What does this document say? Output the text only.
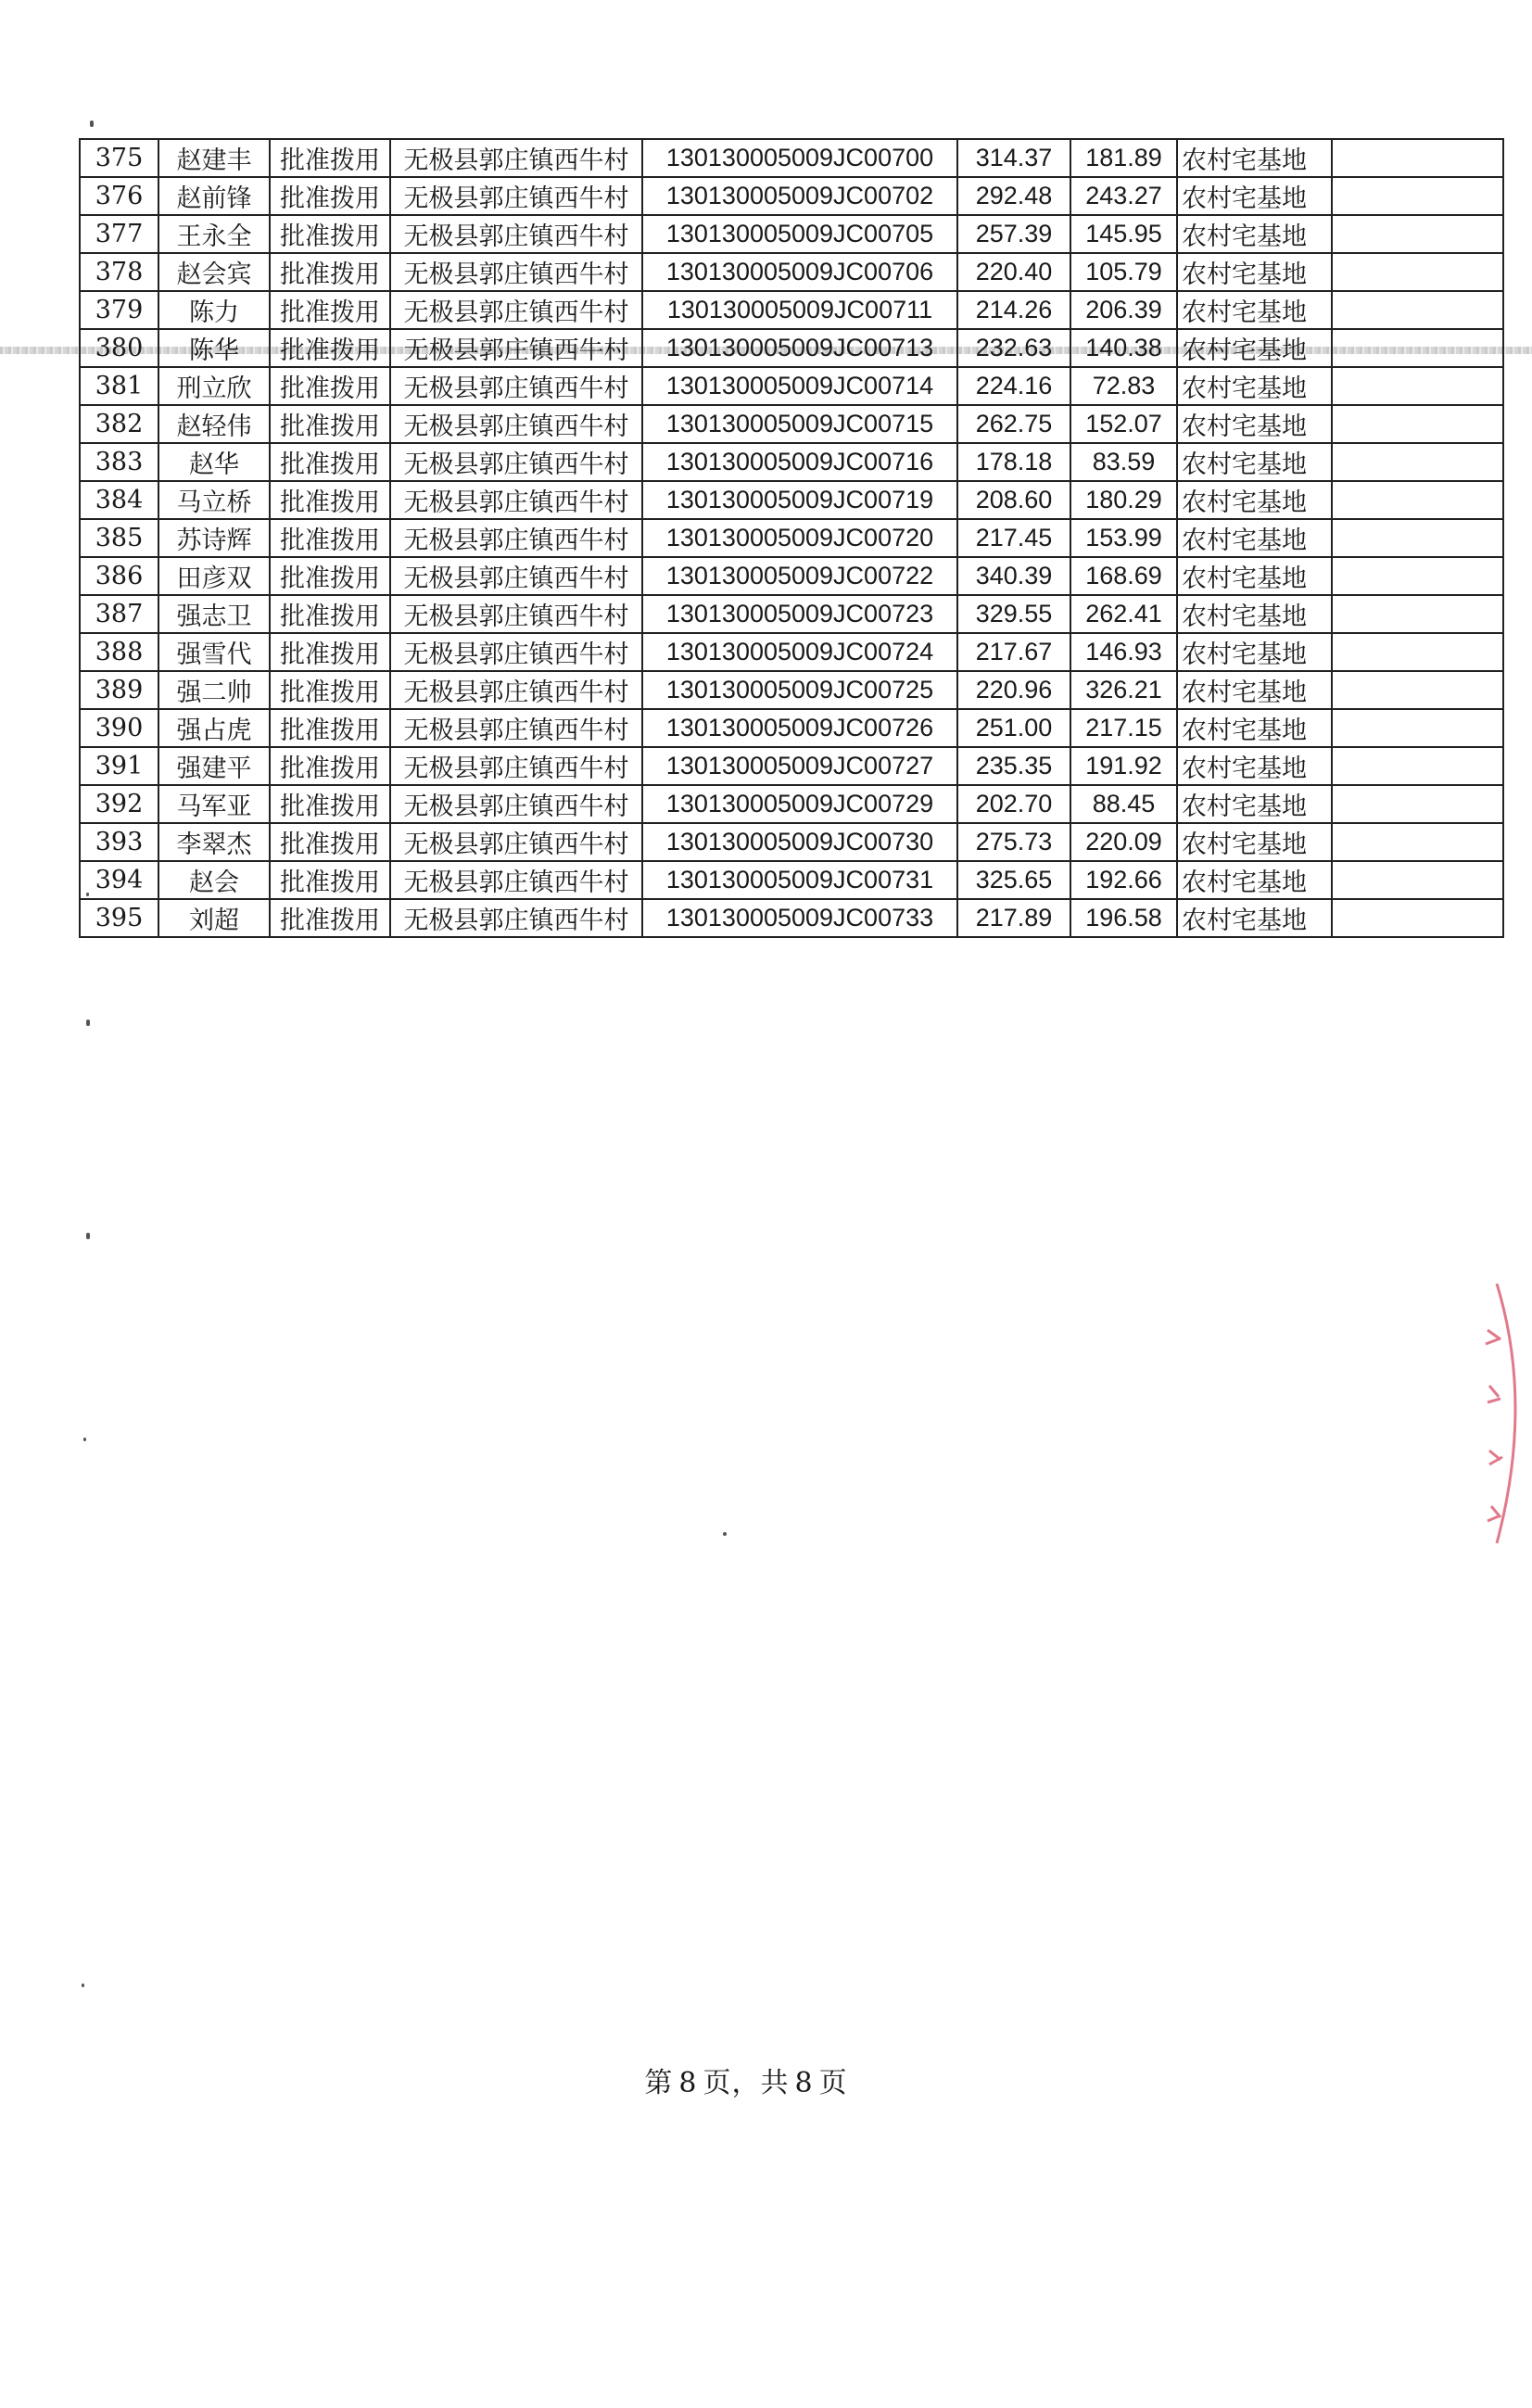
375	赵建丰	批准拨用	无极县郭庄镇西牛村	130130005009JC00700	314.37	181.89	农村宅基地	
376	赵前锋	批准拨用	无极县郭庄镇西牛村	130130005009JC00702	292.48	243.27	农村宅基地	
377	王永全	批准拨用	无极县郭庄镇西牛村	130130005009JC00705	257.39	145.95	农村宅基地	
378	赵会宾	批准拨用	无极县郭庄镇西牛村	130130005009JC00706	220.40	105.79	农村宅基地	
379	陈力	批准拨用	无极县郭庄镇西牛村	130130005009JC00711	214.26	206.39	农村宅基地	
380	陈华	批准拨用	无极县郭庄镇西牛村	130130005009JC00713	232.63	140.38	农村宅基地	
381	刑立欣	批准拨用	无极县郭庄镇西牛村	130130005009JC00714	224.16	72.83	农村宅基地	
382	赵轻伟	批准拨用	无极县郭庄镇西牛村	130130005009JC00715	262.75	152.07	农村宅基地	
383	赵华	批准拨用	无极县郭庄镇西牛村	130130005009JC00716	178.18	83.59	农村宅基地	
384	马立桥	批准拨用	无极县郭庄镇西牛村	130130005009JC00719	208.60	180.29	农村宅基地	
385	苏诗辉	批准拨用	无极县郭庄镇西牛村	130130005009JC00720	217.45	153.99	农村宅基地	
386	田彦双	批准拨用	无极县郭庄镇西牛村	130130005009JC00722	340.39	168.69	农村宅基地	
387	强志卫	批准拨用	无极县郭庄镇西牛村	130130005009JC00723	329.55	262.41	农村宅基地	
388	强雪代	批准拨用	无极县郭庄镇西牛村	130130005009JC00724	217.67	146.93	农村宅基地	
389	强二帅	批准拨用	无极县郭庄镇西牛村	130130005009JC00725	220.96	326.21	农村宅基地	
390	强占虎	批准拨用	无极县郭庄镇西牛村	130130005009JC00726	251.00	217.15	农村宅基地	
391	强建平	批准拨用	无极县郭庄镇西牛村	130130005009JC00727	235.35	191.92	农村宅基地	
392	马军亚	批准拨用	无极县郭庄镇西牛村	130130005009JC00729	202.70	88.45	农村宅基地	
393	李翠杰	批准拨用	无极县郭庄镇西牛村	130130005009JC00730	275.73	220.09	农村宅基地	
394	赵会	批准拨用	无极县郭庄镇西牛村	130130005009JC00731	325.65	192.66	农村宅基地	
395	刘超	批准拨用	无极县郭庄镇西牛村	130130005009JC00733	217.89	196.58	农村宅基地	
第 8 页，共 8 页
